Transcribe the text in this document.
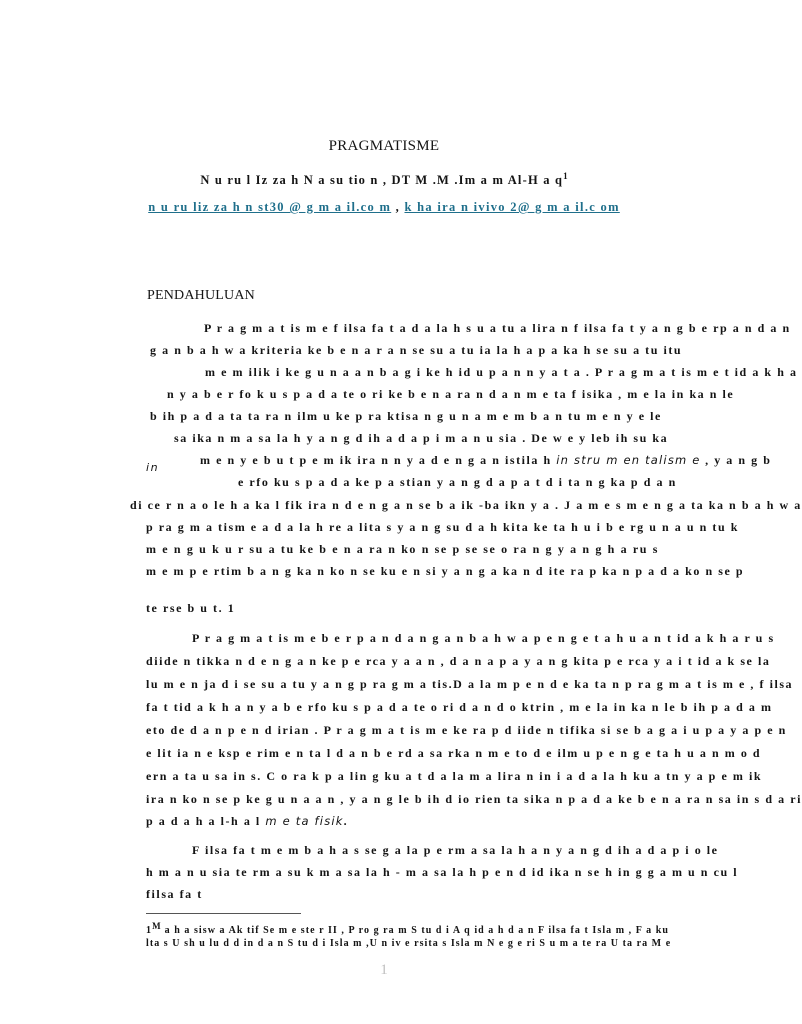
PRAGMATISME
N u ru l Iz za h N a su tio n , DT M .M .Im a m Al-H a $q^1$
n u ru liz za h n st30 @ g m a il.co m , k ha ira n ivivo 2@ g m a il.c om
PENDAHULUAN
P r a g m a t is m e f ilsa fa t a d a la h s u a tu a lira n f ilsa fa t y a n g b e rp a n d a n
g a n b a h w a kriteria ke b e n a r a n se su a tu ia la h a p a ka h se su a tu itu
m e m ilik i ke g u n a a n b a g i ke h id u p a n n y a t a . P r a g m a t is m e t id a k h a
n y a b e r fo k u s p a d a te o ri ke b e n a ra n d a n m e ta f isika , m e la in ka n le
b ih p a d a ta ta ra n ilm u ke p ra ktisa n g u n a m e m b a n tu m e n y e le
sa ika n m a sa la h y a n g d ih a d a p i m a n u sia . De w e y leb ih su ka
in
m e n y e b u t p e m ik ira n n y a d e n g a n istila h in stru m en talism e , y a n g b
e rfo ku s p a d a ke p a stian y a n g d a p a t d i ta n g ka p d a n
di ce r n a o le h a ka l fik ira n d e n g a n se b a ik -ba ikn y a . J a m e s m e n g a ta ka n b a h w a
p ra g m a tism e a d a la h re a lita s y a n g su d a h kita ke ta h u i b e rg u n a u n tu k
m e n g u k u r su a tu ke b e n a ra n ko n se p se se o ra n g y a n g h a ru s
m e m p e rtim b a n g ka n ko n se ku e n si y a n g a ka n d ite ra p ka n p a d a ko n se p
te rse b u t. 1
P r a g m a t is m e b e r p a n d a n g a n b a h w a p e n g e t a h u a n t id a k h a r u s
diide n tikka n d e n g a n ke p e rca y a a n , d a n a p a y a n g kita p e rca y a i t id a k se la
lu m e n ja d i se su a tu y a n g p ra g m a tis.D a la m p e n d e ka ta n p ra g m a t is m e , f ilsa
fa t tid a k h a n y a b e rfo ku s p a d a te o ri d a n d o ktrin , m e la in ka n le b ih p a d a m
eto de d a n p e n d irian . P r a g m a t is m e ke ra p d iide n tifika si se b a g a i u p a y a p e n
e lit ia n e ksp e rim e n ta l d a n b e rd a sa rka n m e to d e ilm u p e n g e ta h u a n m o d
ern a ta u sa in s. C o ra k p a lin g ku a t d a la m a lira n in i a d a la h ku a tn y a p e m ik
ira n ko n se p ke g u n a a n , y a n g le b ih d io rien ta sika n p a d a ke b e n a ra n sa in s d a ri
p a d a h a l-h a l m e ta fisik.
F ilsa fa t m e m b a h a s se g a la p e rm a sa la h a n y a n g d ih a d a p i o le
h m a n u sia te rm a su k m a sa la h - m a sa la h p e n d id ika n se h in g g a m u n cu l
filsa fa t
$1^M$ a h a sisw a Ak tif Se m e ste r II , P ro g ra m S tu d i A q id a h d a n F ilsa fa t Isla m , F a ku
lta s U sh u lu d d in d a n S tu d i Isla m ,U n iv e rsita s Isla m N e g e ri S u m a te ra U ta ra M e
1
